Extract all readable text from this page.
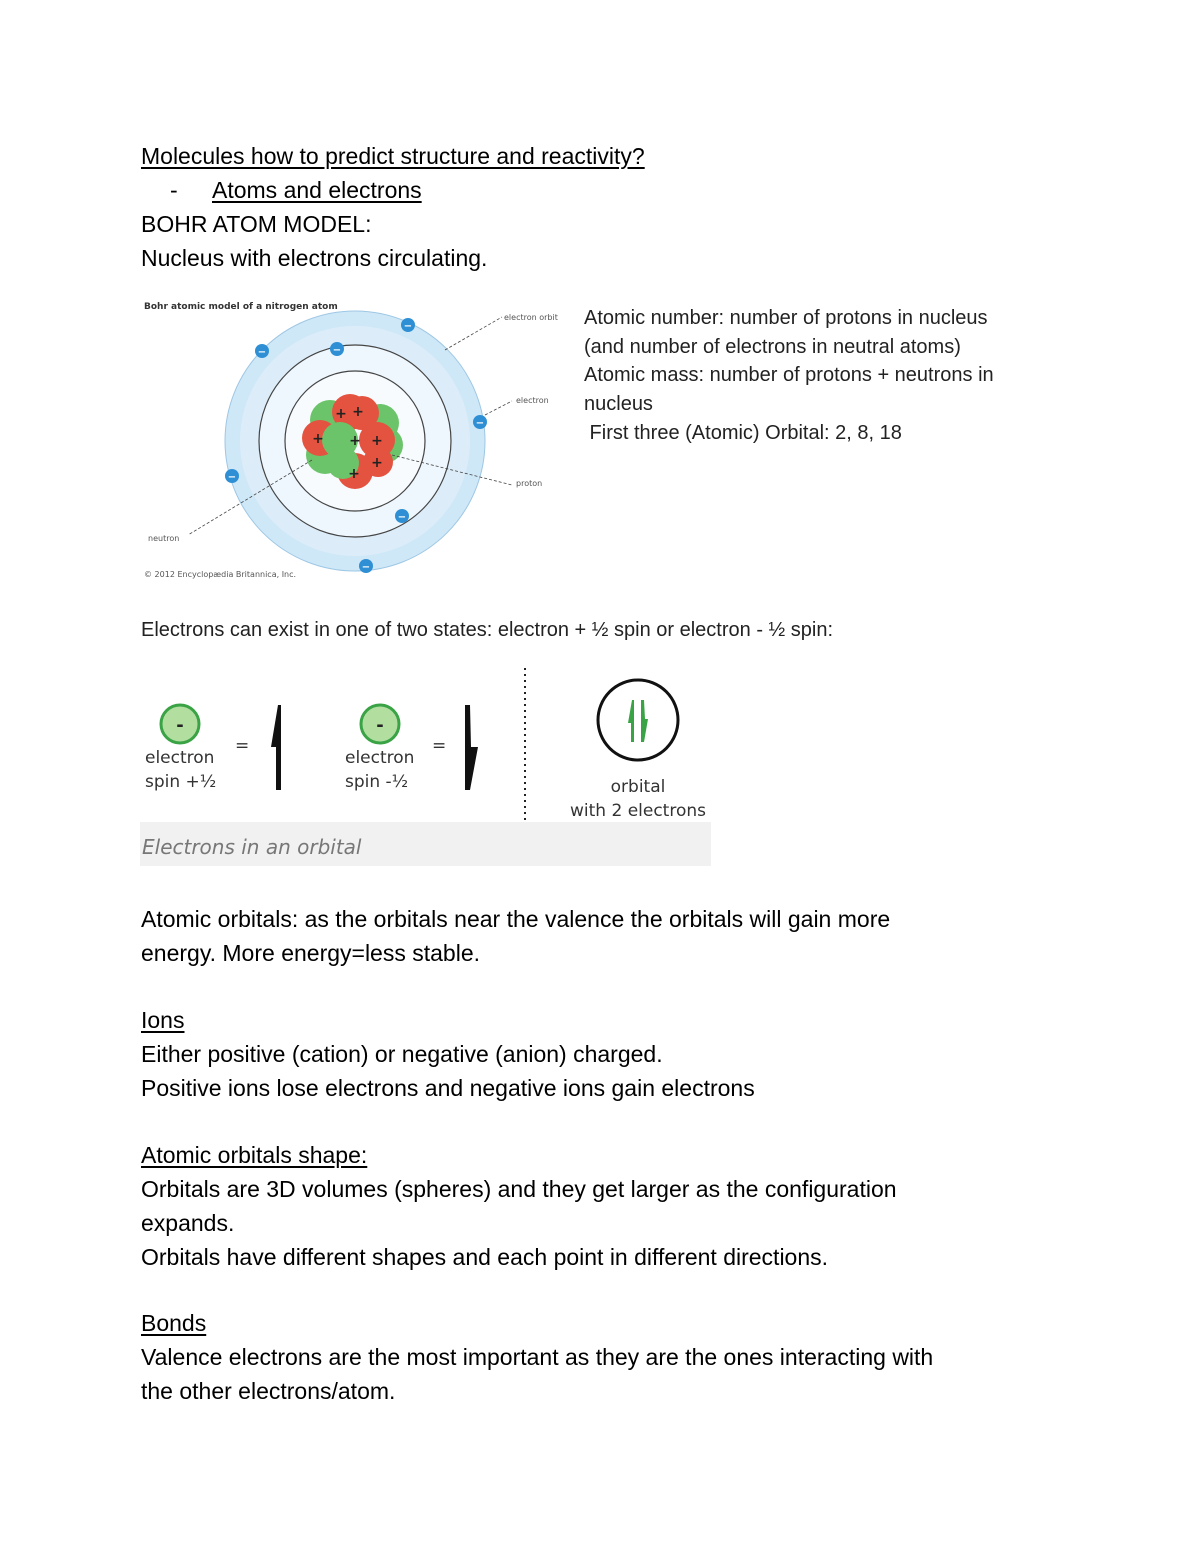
Molecules how to predict structure and reactivity?
- Atoms and electrons
BOHR ATOM MODEL:
Nucleus with electrons circulating.
Bohr atomic model of a nitrogen atom
+ +
+ + +
+
+
−
−
−
−
−
−
−
electron orbit
electron
proton
neutron
© 2012 Encyclopædia Britannica, Inc.
Atomic number: number of protons in nucleus
(and number of electrons in neutral atoms)
Atomic mass: number of protons + neutrons in
nucleus
First three (Atomic) Orbital: 2, 8, 18
Electrons can exist in one of two states: electron + ½ spin or electron - ½ spin:
Electrons in an orbital
-
electron
spin +½
=
-
electron
spin -½
=
orbital
with 2 electrons
Atomic orbitals: as the orbitals near the valence the orbitals will gain more
energy. More energy=less stable.
Ions
Either positive (cation) or negative (anion) charged.
Positive ions lose electrons and negative ions gain electrons
Atomic orbitals shape:
Orbitals are 3D volumes (spheres) and they get larger as the configuration
expands.
Orbitals have different shapes and each point in different directions.
Bonds
Valence electrons are the most important as they are the ones interacting with
the other electrons/atom.
